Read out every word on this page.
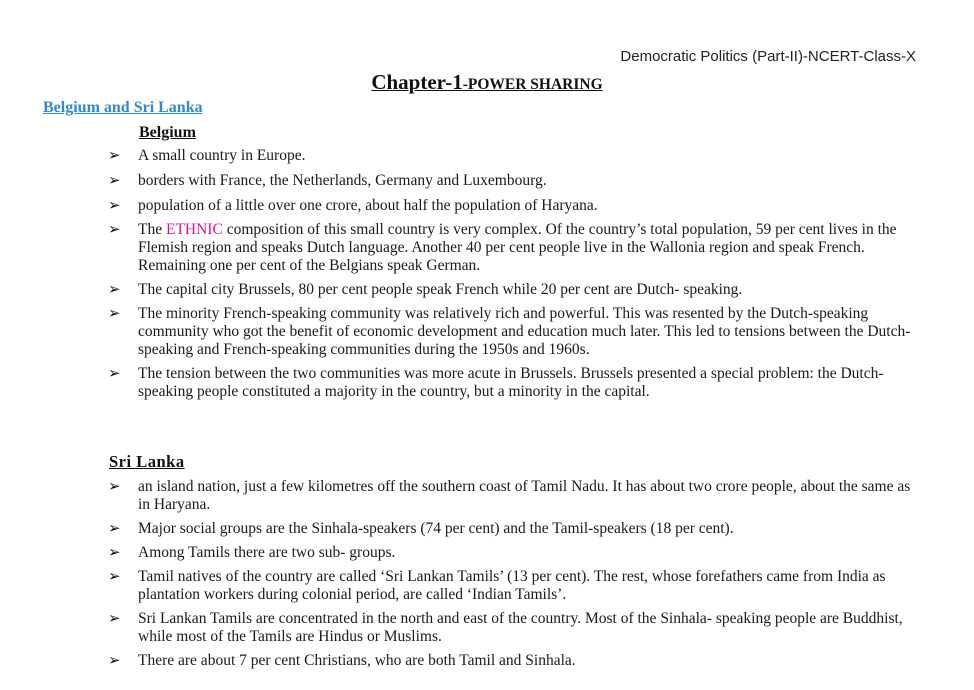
Democratic Politics (Part-II)-NCERT-Class-X
Chapter-1-POWER SHARING
Belgium and Sri Lanka
Belgium
➢ A small country in Europe.
➢ borders with France, the Netherlands, Germany and Luxembourg.
➢ population of a little over one crore, about half the population of Haryana.
➢ The ETHNIC composition of this small country is very complex. Of the country’s total population, 59 per cent lives in the Flemish region and speaks Dutch language. Another 40 per cent people live in the Wallonia region and speak French. Remaining one per cent of the Belgians speak German.
➢ The capital city Brussels, 80 per cent people speak French while 20 per cent are Dutch- speaking.
➢ The minority French-speaking community was relatively rich and powerful. This was resented by the Dutch-speaking community who got the benefit of economic development and education much later. This led to tensions between the Dutch-speaking and French-speaking communities during the 1950s and 1960s.
➢ The tension between the two communities was more acute in Brussels. Brussels presented a special problem: the Dutch-speaking people constituted a majority in the country, but a minority in the capital.
Sri Lanka
➢ an island nation, just a few kilometres off the southern coast of Tamil Nadu. It has about two crore people, about the same as in Haryana.
➢ Major social groups are the Sinhala-speakers (74 per cent) and the Tamil-speakers (18 per cent).
➢ Among Tamils there are two sub- groups.
➢ Tamil natives of the country are called ‘Sri Lankan Tamils’ (13 per cent). The rest, whose forefathers came from India as plantation workers during colonial period, are called ‘Indian Tamils’.
➢ Sri Lankan Tamils are concentrated in the north and east of the country. Most of the Sinhala- speaking people are Buddhist, while most of the Tamils are Hindus or Muslims.
➢ There are about 7 per cent Christians, who are both Tamil and Sinhala.
